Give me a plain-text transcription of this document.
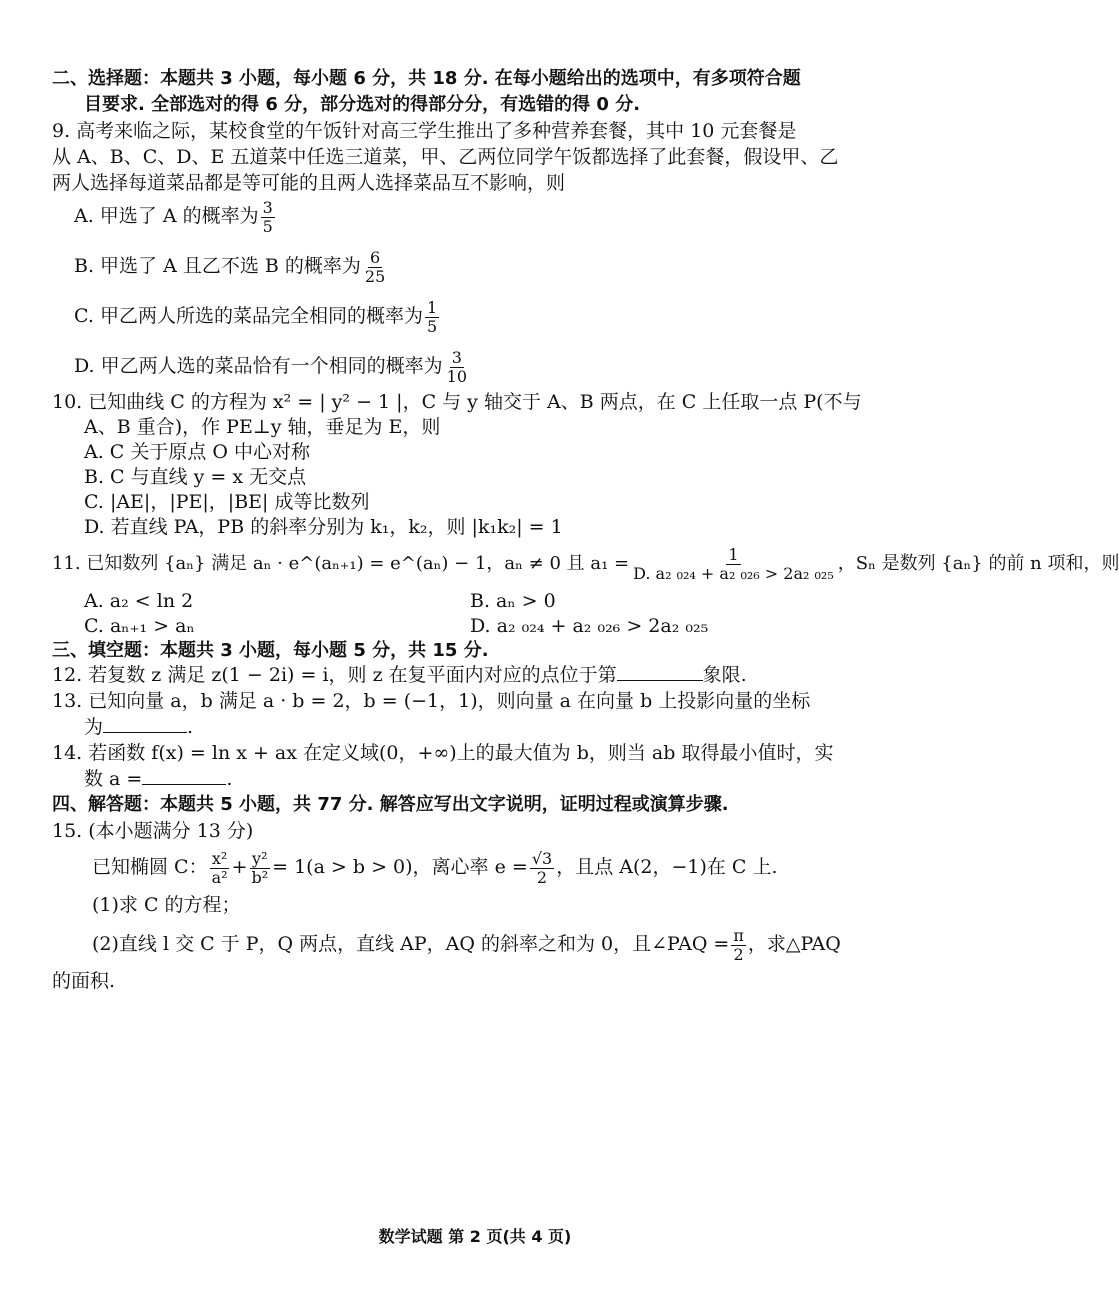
二、选择题：本题共 3 小题，每小题 6 分，共 18 分. 在每小题给出的选项中，有多项符合题
目要求. 全部选对的得 6 分，部分选对的得部分分，有选错的得 0 分.
9. 高考来临之际，某校食堂的午饭针对高三学生推出了多种营养套餐，其中 10 元套餐是
从 A、B、C、D、E 五道菜中任选三道菜，甲、乙两位同学午饭都选择了此套餐，假设甲、乙
两人选择每道菜品都是等可能的且两人选择菜品互不影响，则
A. 甲选了 A 的概率为 $\frac{3}{5}$
B. 甲选了 A 且乙不选 B 的概率为 $\frac{6}{25}$
C. 甲乙两人所选的菜品完全相同的概率为 $\frac{1}{5}$
D. 甲乙两人选的菜品恰有一个相同的概率为 $\frac{3}{10}$
10. 已知曲线 C 的方程为 x² = | y² − 1 |，C 与 y 轴交于 A、B 两点，在 C 上任取一点 P(不与
A、B 重合)，作 PE⊥y 轴，垂足为 E，则
A. C 关于原点 O 中心对称
B. C 与直线 y = x 无交点
C. |AE|，|PE|，|BE| 成等比数列
D. 若直线 PA，PB 的斜率分别为 k₁，k₂，则 |k₁k₂| = 1
11. 已知数列 {aₙ} 满足 aₙ · e^(aₙ₊₁) = e^(aₙ) − 1，aₙ ≠ 0 且 $a_1 = \frac{1}{\text{D. a₂ ₀₂₄ + a₂ ₀₂₆ > 2a₂ ₀₂₅}}$ ，Sₙ 是数列 {aₙ} 的前 n 项和，则
A. a₂ < ln 2	B. aₙ > 0
C. aₙ₊₁ > aₙ	D. a₂ ₀₂₄ + a₂ ₀₂₆ > 2a₂ ₀₂₅
三、填空题：本题共 3 小题，每小题 5 分，共 15 分.
12. 若复数 z 满足 z(1 − 2i) = i，则 z 在复平面内对应的点位于第	象限.
13. 已知向量 a，b 满足 a · b = 2，b = (−1，1)，则向量 a 在向量 b 上投影向量的坐标
为	.
14. 若函数 f(x) = ln x + ax 在定义域(0，+∞)上的最大值为 b，则当 ab 取得最小值时，实
数 a =	.
四、解答题：本题共 5 小题，共 77 分. 解答应写出文字说明，证明过程或演算步骤.
15. (本小题满分 13 分)
已知椭圆 C： $\frac{\text{x²}}{\text{a²}} + \frac{\text{y²}}{\text{b²}} = 1(a > b > 0)$，离心率 $e = \frac{√3}{2}$ ，且点 A(2，−1)在 C 上.
(1)求 C 的方程；
(2)直线 l 交 C 于 P，Q 两点，直线 AP，AQ 的斜率之和为 0，且∠PAQ = $\frac{\pi}{2}$ ，求△PAQ
的面积.
数学试题 第 2 页(共 4 页)
